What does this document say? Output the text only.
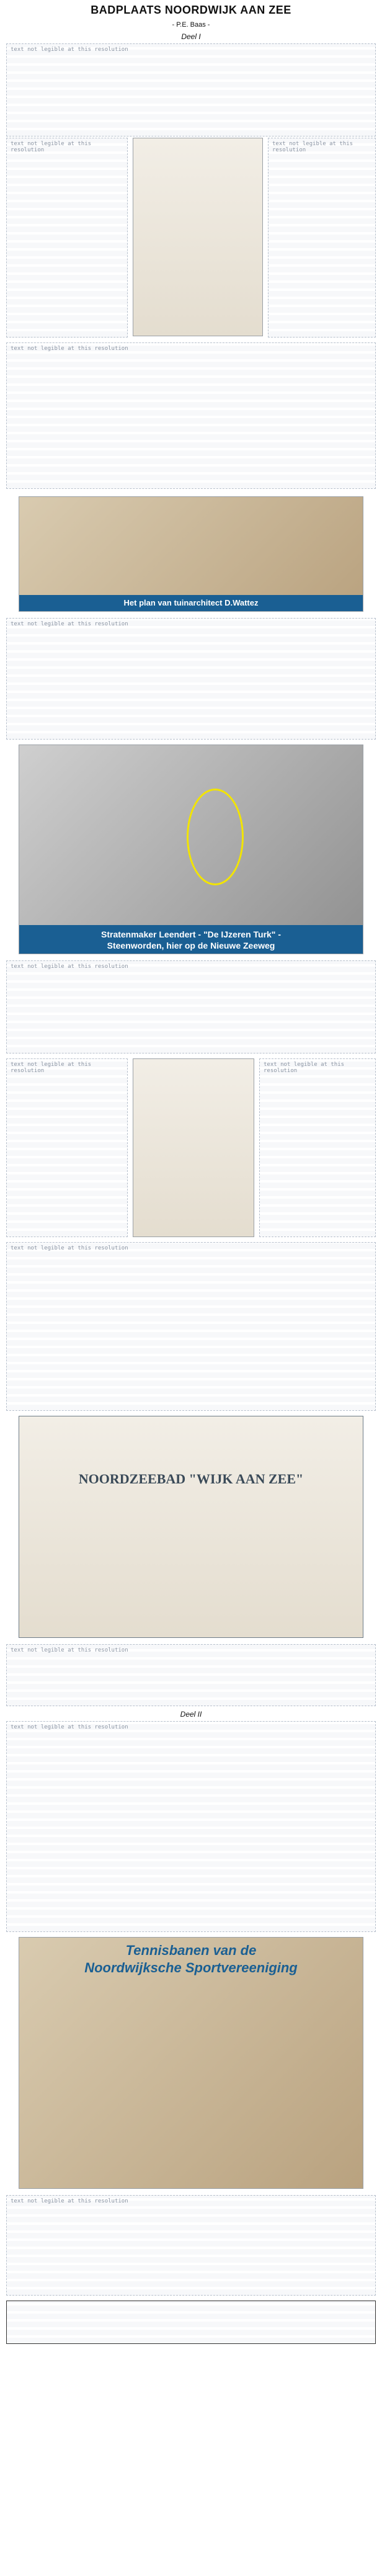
BADPLAATS NOORDWIJK AAN ZEE
- P.E. Baas -
Deel I
text not legible at this resolution
text not legible at this resolution
text not legible at this resolution
text not legible at this resolution
Het plan van tuinarchitect D.Wattez
text not legible at this resolution
Stratenmaker Leendert - "De IJzeren Turk" -
Steenworden, hier op de Nieuwe Zeeweg
text not legible at this resolution
text not legible at this resolution
text not legible at this resolution
text not legible at this resolution
NOORDZEEBAD "WIJK AAN ZEE"
text not legible at this resolution
Deel II
text not legible at this resolution
Tennisbanen van de
Noordwijksche Sportvereeniging
text not legible at this resolution
